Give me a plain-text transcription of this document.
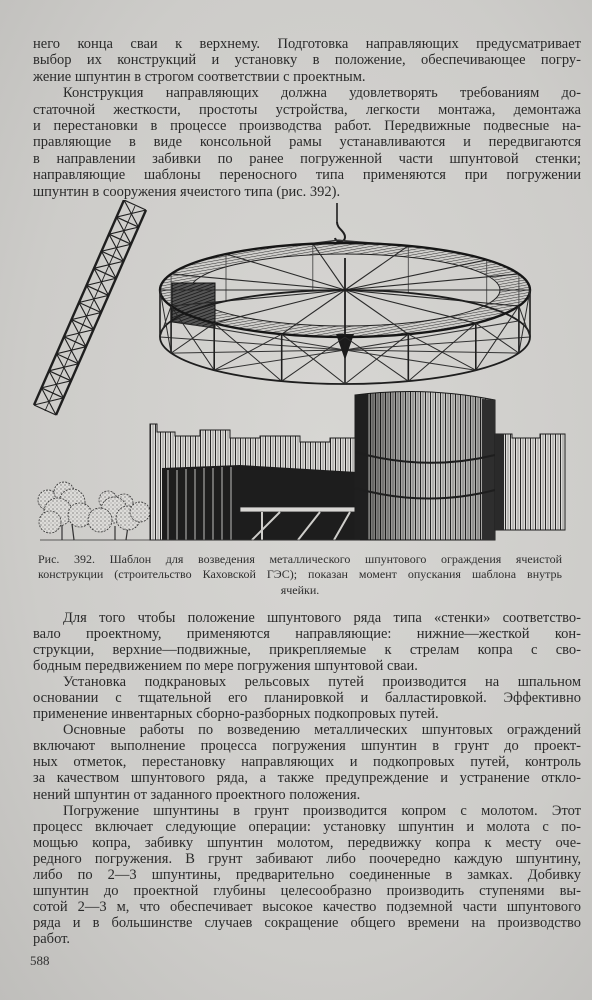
него конца сваи к верхнему. Подготовка направляющих предусматривает
выбор их конструкций и установку в положение, обеспечивающее погру-
жение шпунтин в строгом соответствии с проектным.
Конструкция направляющих должна удовлетворять требованиям до-
статочной жесткости, простоты устройства, легкости монтажа, демонтажа
и перестановки в процессе производства работ. Передвижные подвесные на-
правляющие в виде консольной рамы устанавливаются и передвигаются
в направлении забивки по ранее погруженной части шпунтовой стенки;
направляющие шаблоны переносного типа применяются при погружении
шпунтин в сооружения ячеистого типа (рис. 392).
Рис. 392. Шаблон для возведения металлического шпунтового ограждения ячеистой
конструкции (строительство Каховской ГЭС); показан момент опускания шаблона внутрь
ячейки.
Для того чтобы положение шпунтового ряда типа «стенки» соответство-
вало проектному, применяются направляющие: нижние—жесткой кон-
струкции, верхние—подвижные, прикрепляемые к стрелам копра с сво-
бодным передвижением по мере погружения шпунтовой сваи.
Установка подкрановых рельсовых путей производится на шпальном
основании с тщательной его планировкой и балластировкой. Эффективно
применение инвентарных сборно-разборных подкопровых путей.
Основные работы по возведению металлических шпунтовых ограждений
включают выполнение процесса погружения шпунтин в грунт до проект-
ных отметок, перестановку направляющих и подкопровых путей, контроль
за качеством шпунтового ряда, а также предупреждение и устранение откло-
нений шпунтин от заданного проектного положения.
Погружение шпунтины в грунт производится копром с молотом. Этот
процесс включает следующие операции: установку шпунтин и молота с по-
мощью копра, забивку шпунтин молотом, передвижку копра к месту оче-
редного погружения. В грунт забивают либо поочередно каждую шпунтину,
либо по 2—3 шпунтины, предварительно соединенные в замках. Добивку
шпунтин до проектной глубины целесообразно производить ступенями вы-
сотой 2—3 м, что обеспечивает высокое качество подземной части шпунтового
ряда и в большинстве случаев сокращение общего времени на производство
работ.
588
